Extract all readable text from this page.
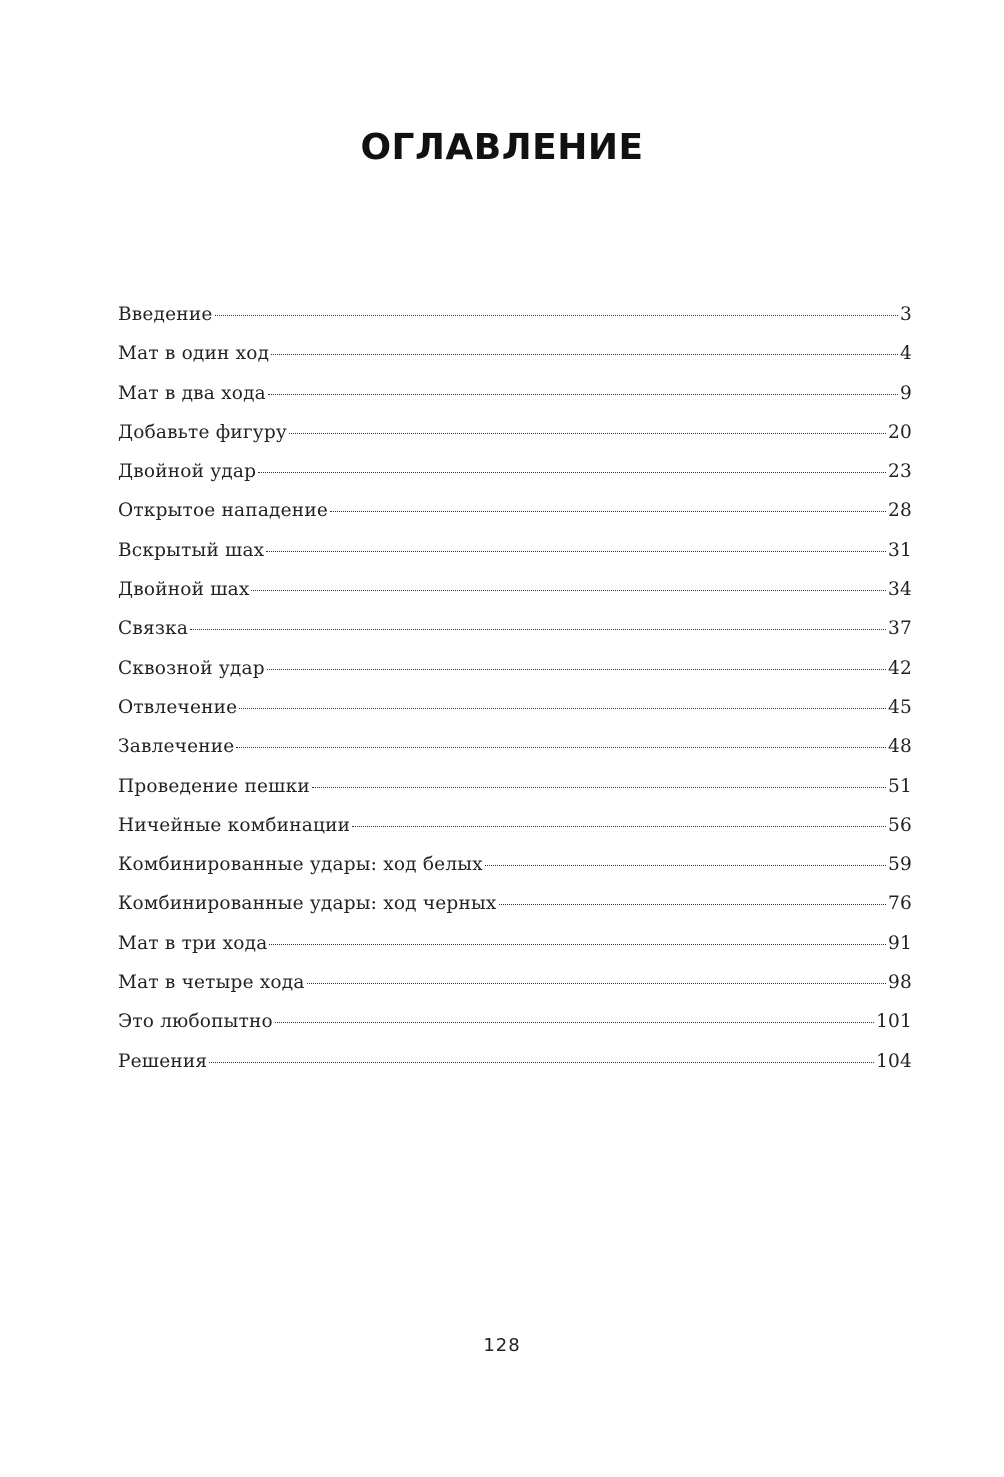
ОГЛАВЛЕНИЕ
Введение	3
Мат в один ход	4
Мат в два хода	9
Добавьте фигуру	20
Двойной удар	23
Открытое нападение	28
Вскрытый шах	31
Двойной шах	34
Связка	37
Сквозной удар	42
Отвлечение	45
Завлечение	48
Проведение пешки	51
Ничейные комбинации	56
Комбинированные удары: ход белых	59
Комбинированные удары: ход черных	76
Мат в три хода	91
Мат в четыре хода	98
Это любопытно	101
Решения	104
128
